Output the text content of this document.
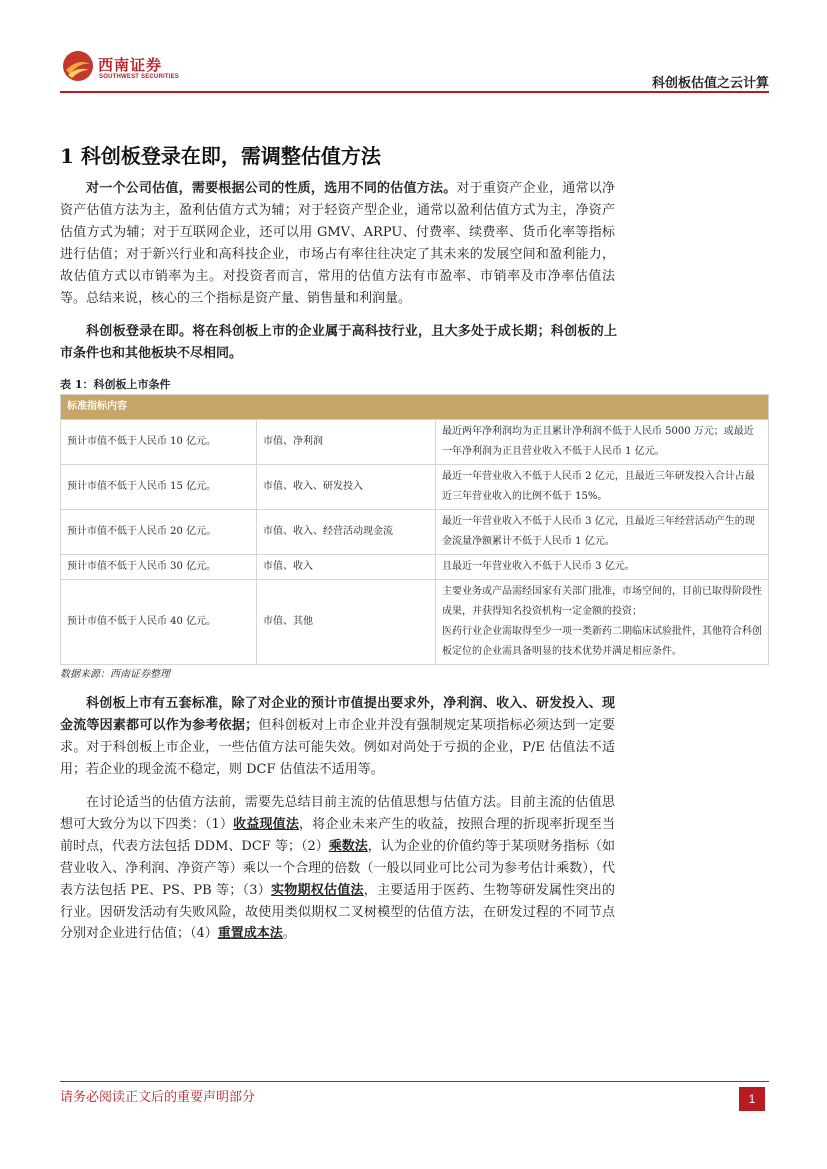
西南证券
SOUTHWEST SECURITIES	科创板估值之云计算
1 科创板登录在即，需调整估值方法

对一个公司估值，需要根据公司的性质，选用不同的估值方法。对于重资产企业，通常以净资产估值方法为主，盈利估值方式为辅；对于轻资产型企业，通常以盈利估值方式为主，净资产估值方式为辅；对于互联网企业，还可以用 GMV、ARPU、付费率、续费率、货币化率等指标进行估值；对于新兴行业和高科技企业，市场占有率往往决定了其未来的发展空间和盈利能力，故估值方式以市销率为主。对投资者而言，常用的估值方法有市盈率、市销率及市净率估值法等。总结来说，核心的三个指标是资产量、销售量和利润量。

科创板登录在即。将在科创板上市的企业属于高科技行业，且大多处于成长期；科创板的上市条件也和其他板块不尽相同。

表 1：科创板上市条件
标准指标内容		
预计市值不低于人民币 10 亿元。	市值、净利润	最近两年净利润均为正且累计净利润不低于人民币 5000 万元；或最近一年净利润为正且营业收入不低于人民币 1 亿元。
预计市值不低于人民币 15 亿元。	市值、收入、研发投入	最近一年营业收入不低于人民币 2 亿元，且最近三年研发投入合计占最近三年营业收入的比例不低于 15%。
预计市值不低于人民币 20 亿元。	市值、收入、经营活动现金流	最近一年营业收入不低于人民币 3 亿元，且最近三年经营活动产生的现金流量净额累计不低于人民币 1 亿元。
预计市值不低于人民币 30 亿元。	市值、收入	且最近一年营业收入不低于人民币 3 亿元。
预计市值不低于人民币 40 亿元。	市值、其他	主要业务或产品需经国家有关部门批准，市场空间的，目前已取得阶段性成果，并获得知名投资机构一定金额的投资；
医药行业企业需取得至少一项一类新药二期临床试验批件，其他符合科创板定位的企业需具备明显的技术优势并满足相应条件。
数据来源：西南证券整理

科创板上市有五套标准，除了对企业的预计市值提出要求外，净利润、收入、研发投入、现金流等因素都可以作为参考依据；但科创板对上市企业并没有强制规定某项指标必须达到一定要求。对于科创板上市企业，一些估值方法可能失效。例如对尚处于亏损的企业，P/E 估值法不适用；若企业的现金流不稳定，则 DCF 估值法不适用等。

在讨论适当的估值方法前，需要先总结目前主流的估值思想与估值方法。目前主流的估值思想可大致分为以下四类：（1）收益现值法，将企业未来产生的收益，按照合理的折现率折现至当前时点，代表方法包括 DDM、DCF 等；（2）乘数法，认为企业的价值约等于某项财务指标（如营业收入、净利润、净资产等）乘以一个合理的倍数（一般以同业可比公司为参考估计乘数），代表方法包括 PE、PS、PB 等；（3）实物期权估值法，主要适用于医药、生物等研发属性突出的行业。因研发活动有失败风险，故使用类似期权二叉树模型的估值方法，在研发过程的不同节点分别对企业进行估值；（4）重置成本法。

请务必阅读正文后的重要声明部分	1
